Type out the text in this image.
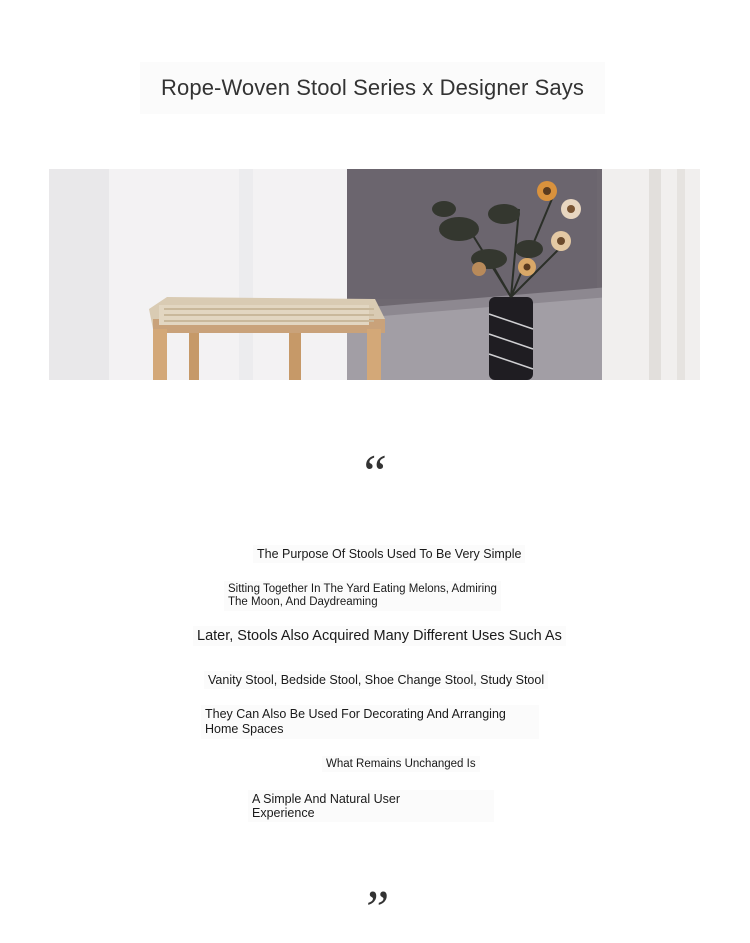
Rope-Woven Stool Series x Designer Says
“
The Purpose Of Stools Used To Be Very Simple
Sitting Together In The Yard Eating Melons, Admiring
The Moon, And Daydreaming
Later, Stools Also Acquired Many Different Uses Such As
Vanity Stool, Bedside Stool, Shoe Change Stool, Study Stool
They Can Also Be Used For Decorating And Arranging
Home Spaces
What Remains Unchanged Is
A Simple And Natural User
Experience
”
